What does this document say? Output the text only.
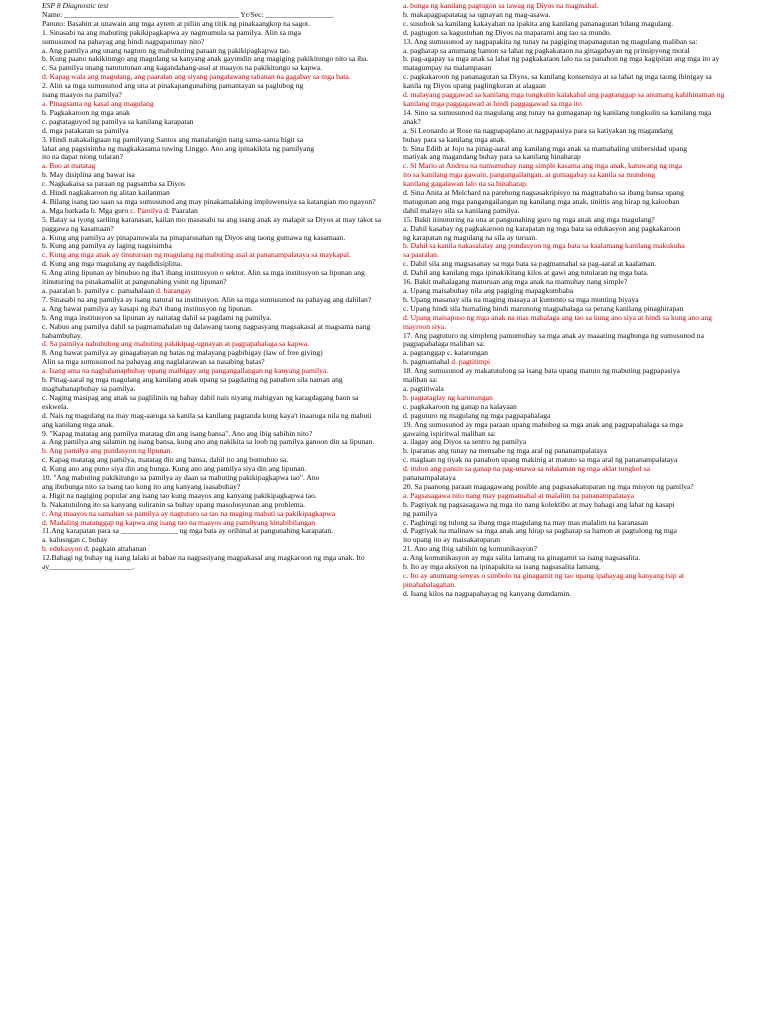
ESP 8 Diagnostic test
Name: ______________________________________________ Yr/Sec: __________________
Panuto: Basahin at unawain ang mga aytem at piliin ang titik ng pinakaangkop na sagot.
1. Sinasabi na ang mabuting pakikipagkapwa ay nagmumula sa pamilya. Alin sa mga
sumusunod na pahayag ang hindi nagpapatunay nito?
a. Ang pamilya ang unang nagturo ng mabubuting paraan ng pakikipagkapwa tao.
b. Kung paano nakikitungo ang magulang sa kanyang anak gayundin ang magiging pakikitungo nito sa iba.
c. Sa pamilya unang natututunan ang kagandahang-asal at maayos na pakikitungo sa kapwa.
d. Kapag wala ang magulang, ang paaralan ang siyang pangalawang tahanan na gagabay sa mga bata.
2. Alin sa mga sumusunod ang una at pinakapangunahing pamantayan sa paglubog ng
isang maayos na pamilya?
a. Pinagsama ng kasal ang magulang
b. Pagkakaroon ng mga anak
c. pagtataguyod ng pamilya sa kanilang karapatan
d. mga patakaran sa pamilya
3. Hindi nakakaligtaan ng pamilyang Santos ang manalangin nang sama-sama higit sa
lahat ang pagsisimba ng magkakasama tuwing Linggo. Ano ang ipinakikita ng pamilyang
ito na dapat niong tularan?
a. Buo at matatag
b. May disiplina ang bawat isa
c. Nagkakaisa sa paraan ng pagsamba sa Diyos
d. Hindi nagkakaroon ng alitan kailanman
4. Bilang isang tao saan sa mga sumusunod ang may pinakamalaking impluwensiya sa katangian mo ngayon?
a. Mga barkada b. Mga guro c. Pamilya d. Paaralan
5. Batay sa iyong sariling karanasan, kailan mo masasabi na ang isang anak ay malapit sa Diyos at may takot sa paggawa ng kasamaan?
a. Kung ang pamilya ay pinapanuwala na pinaparusahan ng Diyos ang taong gumawa ng kasamaan.
b. Kung ang pamilya ay laging nagsisimba
c. Kung ang mga anak ay tinuturuan ng magulang ng mabuting asal at pananampalataya sa maykapal.
d. Kung ang mga magulang ay nagdidisiplina.
6. Ang ating lipunan ay binubuo ng iba't ibang institusyon o sektor. Alin sa mga institusyon sa lipunan ang itinuturing na pinakamaliit at pangunahing yunit ng lipunan?
a. paaralan b. pamilya c. pamahalaan d. barangay
7. Sinasabi na ang pamilya ay isang natural na institusyon. Alin sa mga sumusunod na pahayag ang dahilan?
a. Ang bawat pamilya ay kasapi ng iba't ibang institusyon ng lipunan.
b. Ang mga institusyon sa lipunan ay naitatag dahil sa pagdami ng pamilya.
c. Nabuo ang pamilya dahil sa pagmamahalan ng dalawang taong nagpasyang magsakasal at magsama nang habambuhay.
d. Sa pamilya nahuhubog ang mabuting pakikipag-ugnayan at pagpapahalaga sa kapwa.
8. Ang bawat pamilya ay ginagabayan ng batas ng malayang pagbibigay (law of free giving)
Alin sa mga sumusunod na pahayag ang naglalarawan sa nasabing batas?
a. Isang ama na naghahanapbuhay upang maibigay ang pangangailangan ng kanyang pamilya.
b. Pinag-aaral ng mga magulang ang kanilang anak upang sa pagdating ng panahon sila naman ang maghahanapbuhay sa pamilya.
c. Naging masipag ang anak sa pagliliniis ng bahay dahil nais niyang mabigyan ng karagdagang baon sa eskwela.
d. Nais ng magulang na may mag-aaruga sa kanila sa kanilang pagtanda kung kaya't inaaruga nila ng mabuti ang kanilang mga anak.
9. "Kapag matatag ang pamilya matatag din ang isang bansa". Ano ang ibig sabihin nito?
a. Ang pamilya ang salamin ng isang bansa, kung ano ang nakikita sa loob ng pamilya ganoon din sa lipunan.
b. Ang pamilya ang pundasyon ng lipunan.
c. Kapag matatag ang pamilya, matatag din ang bansa, dahil ito ang bumubuo sa.
d. Kung ano ang puno siya din ang bunga. Kung ano ang pamilya siya din ang lipunan.
10. "Ang mabuting pakikitungo sa pamilya ay daan sa mabuting pakikipagkapwa tao". Ano
ang ibubunga nito sa isang tao kung ito ang kanyang isasabuhay?
a. Higit na nagiging popular ang isang tao kung maayos ang kanyang pakikipagkapwa tao.
b. Nakatutulong ito sa kanyang suliranin sa buhay upang masolusyunan ang problema.
c. Ang maayos na samahan sa pamilya ay nagtuturo sa tao na maging mabuti sa pakikipagkapwa
d. Madaling matanggap ng kapwa ang isang tao na maayos ang pamilyang kinabibilangan
11.Ang karapatan para sa _______________ ng mga bata ay orihinal at pangunahing karapatan.
a. kalusugan c. buhay
b. edukasyon d. pagkain attahanan
12.Bahagi ng buhay ng isang lalaki at babae na nagpasiyang magpakasal ang magkaroon ng mga anak. Ito ay______________________.
a. bunga ng kanilang pagtugon sa tawag ng Diyos na magmahal.
b. makapagpapatatag sa ugnayan ng mag-asawa.
c. susubok sa kanilang kakayahan na ipakita ang kanilang pananagutan bilang magulang.
d. pagtugon sa kagustuhan ng Diyos na maparami ang tao sa mundo.
13. Ang sumusunod ay nagpapakita ng tunay na pagiging mapanagutan ng magulang maliban sa:
a. pagharap sa anumang hamon sa lahat ng pagkakataon na ginagabayan ng prinsipyong moral
b. pag-agapay sa mga anak sa lahat ng pagkakataon lalo na sa panahon ng mga kagipitan ang mga ito ay matagumpay na malampasan
c. pagkakaroon ng pananagutan sa Diyos, sa kanilang konsensiya at sa lahat ng mga taong ibinigay sa kanila ng Diyos upang paglingkuran at alagaan
d. malayang paggawad sa kanilang mga tungkulin kalakabal ang pagtanggap sa anumang kahihinatnan ng kanilang mga paggagawad at hindi paggagawad sa mga ito
14. Sino sa sumusunod na magulang ang tunay na gumaganap ng kanilang tungkulin sa kanilang mga
anak?
a. Si Leonardo at Rose na nagpapaplano at nagpapasiya para sa katiyakan ng magandang
buhay para sa kanilang mga anak.
b. Sina Edith at Jojo na pinag-aaral ang kanilang mga anak sa mamahaling unibersidad upang
matiyak ang magandang buhay para sa kanilang hinaharap
c. Si Mario at Andrea na namumuhay nang simple kasama ang mga anak, katuwang ng mga
ito sa kanilang mga gawain, pangangailangan, at gumagabay sa kanila sa mundong
kanilang gagalawan lalo na sa hinaharap.
d. Sina Anita at Melchard na parehong nagsasakripisyo na magtrabaho sa ibang bansa upang
matugunan ang mga pangangailangan ng kanilang mga anak, tiniitis ang hirap ng kalooban
dahil malayo sila sa kanilang pamilya.
15. Bakit itinuturing na una at pangunahing guro ng mga anak ang mga magulang?
a. Dahil kasabay ng pagkakaroon ng karapatan ng mga bata sa edukasyon ang pagkakaroon
ng karapatan ng magulang na sila ay turuan.
b. Dahil sa kanila nakasalalay ang pundasyon ng mga bata sa kaalamang kanilang makukuha
sa paaralan.
c. Dahil sila ang magsasanay sa mga bata sa pagmamahal sa pag-aaral at kaalaman.
d. Dahil ang kanilang mga ipinakikitang kilos at gawi ang tutularan ng mga bata.
16. Bakit mahalagang maturuan ang mga anak na mamuhay nang simple?
a. Upang maisabuhay nila ang pagiging mapagkumbaba
b. Upang masanay sila na maging masaya at kuntento sa mga munting biyaya
c. Upang hindi sila humaling hindi marunong magpahalaga sa perang kanilang pinaghirapan
d. Upang maisapuso ng mga anak na mas mahalaga ang tao sa kung ano siya at hindi sa kung ano ang mayroon siya.
17. Ang pagtuturo ng simpleng pamumuhay sa mga anak ay maaaring magbunga ng sumusunod na
pagpapahalaga maliban sa:
a. pagtanggap c. katarungan
b. pagmamahal d. pagtitimpi
18. Ang sumusunod ay makatutulong sa isang bata upang matuto ng mabuting pagpapasiya
maliban sa:
a. pagtitiwala
b. pagtataglay ng karunungan
c. pagkakaroon ng ganap na kalayaan
d. paguturo ng magulang ng mga pagpapahalaga
19. Ang sumusunod ay mga paraan upang mahubog sa mga anak ang pagpapahalaga sa mga
gawaing ispiritwal maliban sa:
a. ilagay ang Diyos sa sentro ng pamilya
b. iparanas ang tunay na mensahe ng mga aral ng pananampalataya
c. maglaan ng tiyak na panahon upang makinig at matuto sa mga aral ng pananampalataya
d. itulon ang pansin sa ganap na pag-unawa sa nilalaman ng mga aklat tungkol sa
pananampalataya
20. Sa paanong paraan magagawang posible ang pagsasakatuparan ng mga misyon ng pamilya?
a. Pagsasagawa nito nang may pagmamahal at malalim na pananampalataya
b. Pagtiyak ng pagsasagawa ng mga ito nang kolektibo at may bahagi ang lahat ng kasapi
ng pamilya
c. Paghingi ng tulong sa ibang mga magulang na may mas malalim na karanasan
d. Pagtiyak na malinaw sa mga anak ang hirap sa pagharap sa hamon at pagtulong ng mga
ito upang ito ay maisakatuparan
21. Ano ang ibig sabihin ng komunikasyon?
a. Ang komunikasyon ay mga salita lamang na ginagamit sa isang nagsasalita.
b. Ito ay mga aksiyon na ipinapakita sa isang nagsasalita lamang.
c. Ito ay anumang senyas o simbolo na ginagamit ng tao upang ipahayag ang kanyang isip at pinahahalagahan.
d. Isang kilos na nagpapahayag ng kanyang damdamin.
